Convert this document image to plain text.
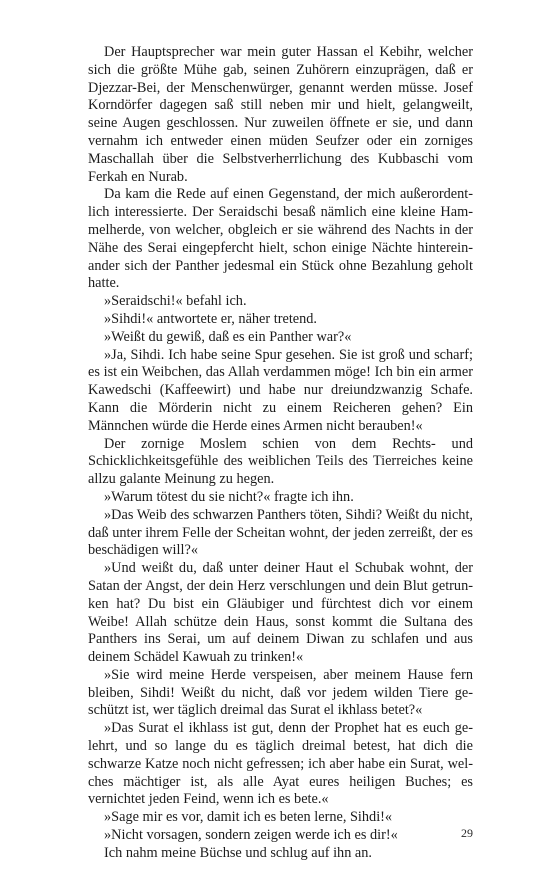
Der Hauptsprecher war mein guter Hassan el Kebihr, welcher sich die größte Mühe gab, seinen Zuhörern einzuprägen, daß er Djezzar-Bei, der Menschenwürger, genannt werden müsse. Josef Korndörfer dagegen saß still neben mir und hielt, gelangweilt, seine Augen geschlossen. Nur zuweilen öffnete er sie, und dann vernahm ich entweder einen müden Seufzer oder ein zorniges Maschallah über die Selbstverherrlichung des Kubbaschi vom Ferkah en Nurab.

Da kam die Rede auf einen Gegenstand, der mich außerordentlich interessierte. Der Seraidschi besaß nämlich eine kleine Hammelherde, von welcher, obgleich er sie während des Nachts in der Nähe des Serai eingepfercht hielt, schon einige Nächte hintereinander sich der Panther jedesmal ein Stück ohne Bezahlung geholt hatte.

»Seraidschi!« befahl ich.

»Sihdi!« antwortete er, näher tretend.

»Weißt du gewiß, daß es ein Panther war?«

»Ja, Sihdi. Ich habe seine Spur gesehen. Sie ist groß und scharf; es ist ein Weibchen, das Allah verdammen möge! Ich bin ein armer Kawedschi (Kaffeewirt) und habe nur dreiundzwanzig Schafe. Kann die Mörderin nicht zu einem Reicheren gehen? Ein Männchen würde die Herde eines Armen nicht berauben!«

Der zornige Moslem schien von dem Rechts- und Schicklichkeitsgefühle des weiblichen Teils des Tierreiches keine allzu galante Meinung zu hegen.

»Warum tötest du sie nicht?« fragte ich ihn.

»Das Weib des schwarzen Panthers töten, Sihdi? Weißt du nicht, daß unter ihrem Felle der Scheitan wohnt, der jeden zerreißt, der es beschädigen will?«

»Und weißt du, daß unter deiner Haut el Schubak wohnt, der Satan der Angst, der dein Herz verschlungen und dein Blut getrunken hat? Du bist ein Gläubiger und fürchtest dich vor einem Weibe! Allah schütze dein Haus, sonst kommt die Sultana des Panthers ins Serai, um auf deinem Diwan zu schlafen und aus deinem Schädel Kawuah zu trinken!«

»Sie wird meine Herde verspeisen, aber meinem Hause fern bleiben, Sihdi! Weißt du nicht, daß vor jedem wilden Tiere geschützt ist, wer täglich dreimal das Surat el ikhlass betet?«

»Das Surat el ikhlass ist gut, denn der Prophet hat es euch gelehrt, und so lange du es täglich dreimal betest, hat dich die schwarze Katze noch nicht gefressen; ich aber habe ein Surat, welches mächtiger ist, als alle Ayat eures heiligen Buches; es vernichtet jeden Feind, wenn ich es bete.«

»Sage mir es vor, damit ich es beten lerne, Sihdi!«

»Nicht vorsagen, sondern zeigen werde ich es dir!«

Ich nahm meine Büchse und schlug auf ihn an.

29
